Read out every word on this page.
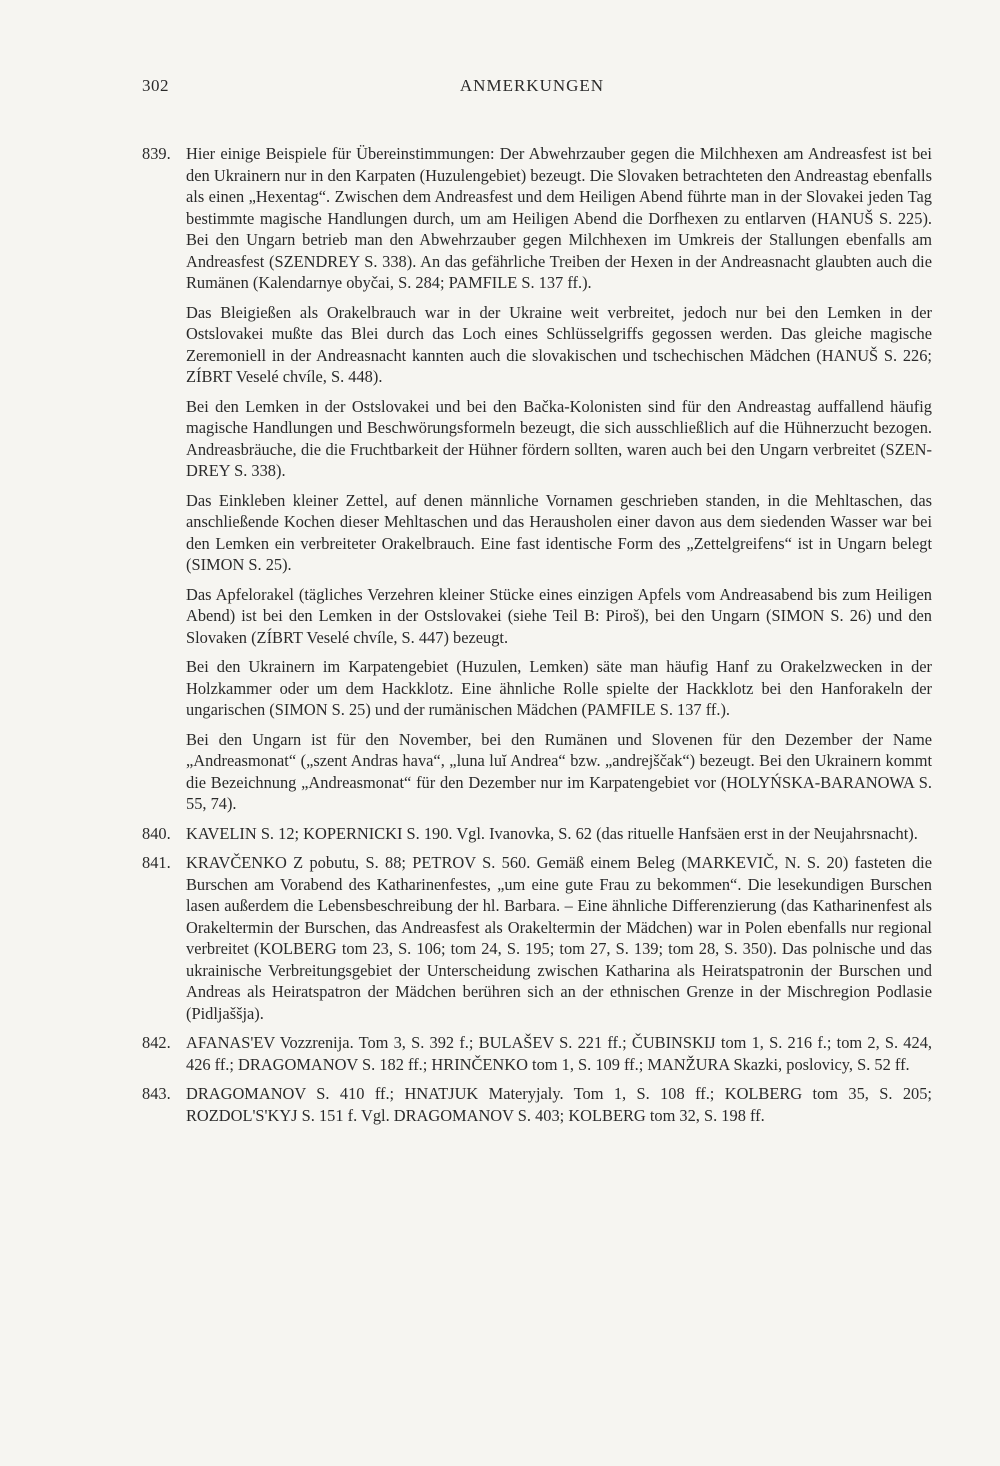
302	ANMERKUNGEN
839. Hier einige Beispiele für Übereinstimmungen: Der Abwehrzauber gegen die Milchhexen am Andreasfest ist bei den Ukrainern nur in den Karpaten (Huzulengebiet) bezeugt. Die Slovaken betrachteten den Andreastag ebenfalls als einen „Hexentag“. Zwischen dem Andreasfest und dem Heiligen Abend führte man in der Slovakei jeden Tag bestimmte magische Handlungen durch, um am Heiligen Abend die Dorfhexen zu entlarven (HANUŠ S. 225). Bei den Ungarn betrieb man den Abwehrzauber gegen Milchhexen im Umkreis der Stallungen ebenfalls am Andreasfest (SZENDREY S. 338). An das gefährliche Treiben der Hexen in der Andreasnacht glaubten auch die Rumänen (Kalendarnye obyčai, S. 284; PAMFILE S. 137 ff.).

Das Bleigießen als Orakelbrauch war in der Ukraine weit verbreitet, jedoch nur bei den Lemken in der Ostslovakei mußte das Blei durch das Loch eines Schlüsselgriffs gegossen werden. Das gleiche magische Zeremoniell in der Andreasnacht kannten auch die slovakischen und tschechischen Mädchen (HANUŠ S. 226; ZÍBRT Veselé chvíle, S. 448).

Bei den Lemken in der Ostslovakei und bei den Bačka-Kolonisten sind für den Andreastag auffallend häufig magische Handlungen und Beschwörungsformeln bezeugt, die sich ausschließlich auf die Hühnerzucht bezogen. Andreasbräuche, die die Fruchtbarkeit der Hühner fördern sollten, waren auch bei den Ungarn verbreitet (SZENDREY S. 338).

Das Einkleben kleiner Zettel, auf denen männliche Vornamen geschrieben standen, in die Mehltaschen, das anschließende Kochen dieser Mehltaschen und das Herausholen einer davon aus dem siedenden Wasser war bei den Lemken ein verbreiteter Orakelbrauch. Eine fast identische Form des „Zettelgreifens“ ist in Ungarn belegt (SIMON S. 25).

Das Apfelorakel (tägliches Verzehren kleiner Stücke eines einzigen Apfels vom Andreasabend bis zum Heiligen Abend) ist bei den Lemken in der Ostslovakei (siehe Teil B: Piroš), bei den Ungarn (SIMON S. 26) und den Slovaken (ZÍBRT Veselé chvíle, S. 447) bezeugt.

Bei den Ukrainern im Karpatengebiet (Huzulen, Lemken) säte man häufig Hanf zu Orakelzwecken in der Holzkammer oder um dem Hackklotz. Eine ähnliche Rolle spielte der Hackklotz bei den Hanforakeln der ungarischen (SIMON S. 25) und der rumänischen Mädchen (PAMFILE S. 137 ff.).

Bei den Ungarn ist für den November, bei den Rumänen und Slovenen für den Dezember der Name „Andreasmonat“ („szent Andras hava“, „luna luĭ Andrea“ bzw. „andrejščak“) bezeugt. Bei den Ukrainern kommt die Bezeichnung „Andreasmonat“ für den Dezember nur im Karpatengebiet vor (HOLYŃSKA-BARANOWA S. 55, 74).

840. KAVELIN S. 12; KOPERNICKI S. 190. Vgl. Ivanovka, S. 62 (das rituelle Hanfsäen erst in der Neujahrsnacht).

841. KRAVČENKO Z pobutu, S. 88; PETROV S. 560. Gemäß einem Beleg (MARKEVIČ, N. S. 20) fasteten die Burschen am Vorabend des Katharinenfestes, „um eine gute Frau zu bekommen“. Die lesekundigen Burschen lasen außerdem die Lebensbeschreibung der hl. Barbara. – Eine ähnliche Differenzierung (das Katharinenfest als Orakeltermin der Burschen, das Andreasfest als Orakeltermin der Mädchen) war in Polen ebenfalls nur regional verbreitet (KOLBERG tom 23, S. 106; tom 24, S. 195; tom 27, S. 139; tom 28, S. 350). Das polnische und das ukrainische Verbreitungsgebiet der Unterscheidung zwischen Katharina als Heiratspatronin der Burschen und Andreas als Heiratspatron der Mädchen berühren sich an der ethnischen Grenze in der Mischregion Podlasie (Pidljaššja).

842. AFANAS'EV Vozzrenija. Tom 3, S. 392 f.; BULAŠEV S. 221 ff.; ČUBINSKIJ tom 1, S. 216 f.; tom 2, S. 424, 426 ff.; DRAGOMANOV S. 182 ff.; HRINČENKO tom 1, S. 109 ff.; MANŽURA Skazki, poslovicy, S. 52 ff.

843. DRAGOMANOV S. 410 ff.; HNATJUK Materyjaly. Tom 1, S. 108 ff.; KOLBERG tom 35, S. 205; ROZDOL'S'KYJ S. 151 f. Vgl. DRAGOMANOV S. 403; KOLBERG tom 32, S. 198 ff.
